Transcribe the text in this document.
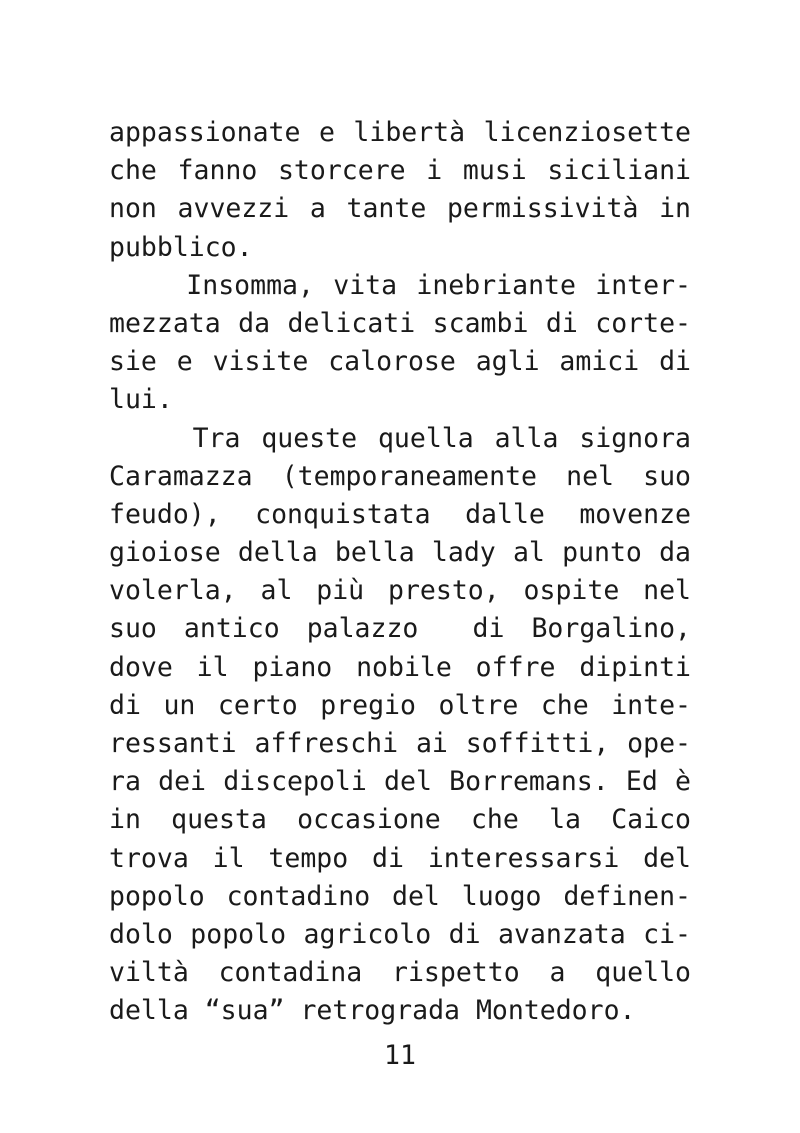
appassionate e libertà licenziosette
che fanno storcere i musi siciliani
non avvezzi a tante permissività in
pubblico.
Insomma, vita inebriante inter-
mezzata da delicati scambi di corte-
sie e visite calorose agli amici di
lui.
Tra queste quella alla signora
Caramazza (temporaneamente nel suo
feudo), conquistata dalle movenze
gioiose della bella lady al punto da
volerla, al più presto, ospite nel
suo antico palazzo  di Borgalino,
dove il piano nobile offre dipinti
di un certo pregio oltre che inte-
ressanti affreschi ai soffitti, ope-
ra dei discepoli del Borremans. Ed è
in questa occasione che la Caico
trova il tempo di interessarsi del
popolo contadino del luogo definen-
dolo popolo agricolo di avanzata ci-
viltà contadina rispetto a quello
della “sua” retrograda Montedoro.
11
